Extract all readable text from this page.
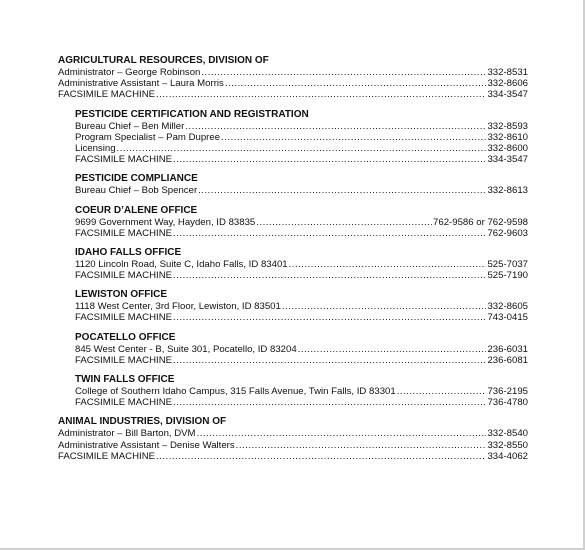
AGRICULTURAL RESOURCES, DIVISION OF
Administrator – George Robinson .....	332-8531
Administrative Assistant – Laura Morris .....	332-8606
FACSIMILE MACHINE .....	334-3547
PESTICIDE CERTIFICATION AND REGISTRATION
Bureau Chief – Ben Miller .....	332-8593
Program Specialist – Pam Dupree .....	332-8610
Licensing .....	332-8600
FACSIMILE MACHINE .....	334-3547
PESTICIDE COMPLIANCE
Bureau Chief – Bob Spencer .....	332-8613
COEUR D’ALENE OFFICE
9699 Government Way, Hayden, ID 83835 .....	762-9586 or 762-9598
FACSIMILE MACHINE .....	762-9603
IDAHO FALLS OFFICE
1120 Lincoln Road, Suite C, Idaho Falls, ID 83401 .....	525-7037
FACSIMILE MACHINE .....	525-7190
LEWISTON OFFICE
1118 West Center, 3rd Floor, Lewiston, ID 83501 .....	332-8605
FACSIMILE MACHINE .....	743-0415
POCATELLO OFFICE
845 West Center - B, Suite 301, Pocatello, ID 83204 .....	236-6031
FACSIMILE MACHINE .....	236-6081
TWIN FALLS OFFICE
College of Southern Idaho Campus, 315 Falls Avenue, Twin Falls, ID 83301 .....	736-2195
FACSIMILE MACHINE .....	736-4780
ANIMAL INDUSTRIES, DIVISION OF
Administrator – Bill Barton, DVM .....	332-8540
Administrative Assistant – Denise Walters .....	332-8550
FACSIMILE MACHINE .....	334-4062
